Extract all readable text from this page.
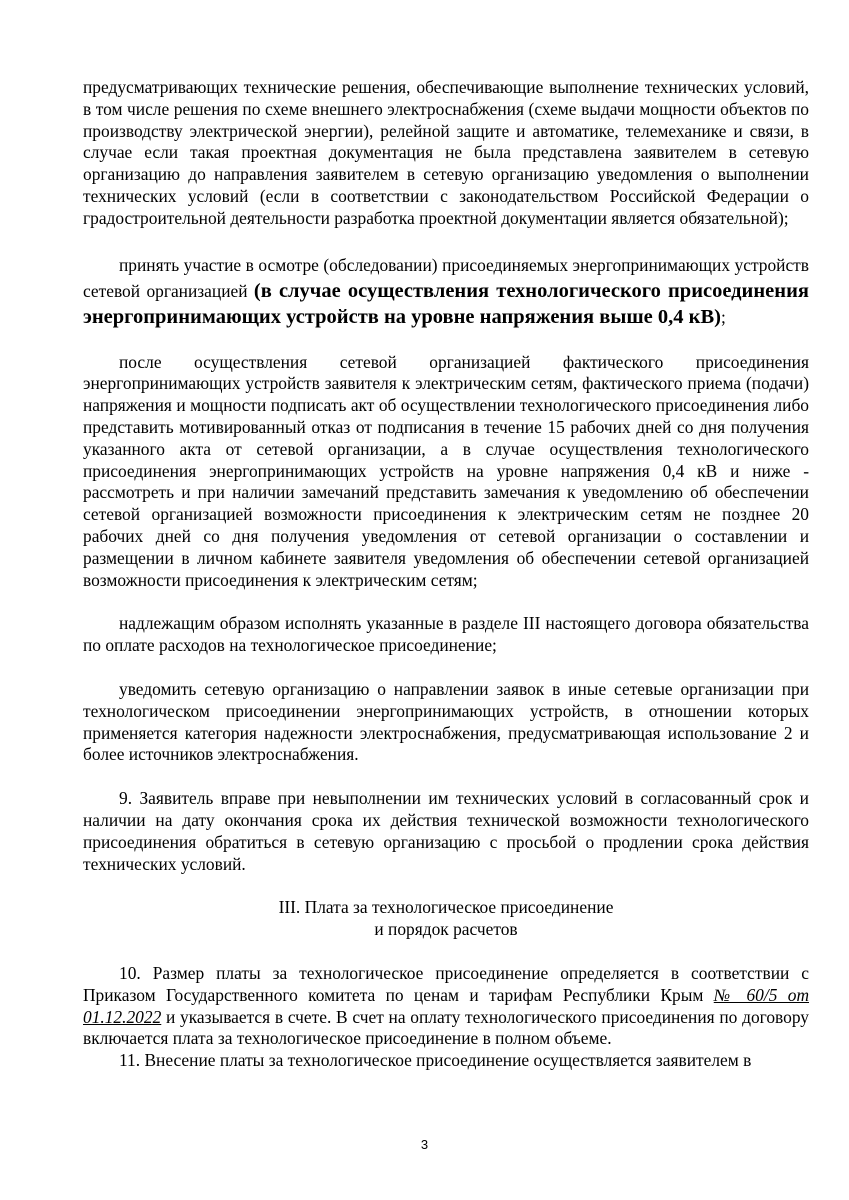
предусматривающих технические решения, обеспечивающие выполнение технических условий, в том числе решения по схеме внешнего электроснабжения (схеме выдачи мощности объектов по производству электрической энергии), релейной защите и автоматике, телемеханике и связи, в случае если такая проектная документация не была представлена заявителем в сетевую организацию до направления заявителем в сетевую организацию уведомления о выполнении технических условий (если в соответствии с законодательством Российской Федерации о градостроительной деятельности разработка проектной документации является обязательной);

принять участие в осмотре (обследовании) присоединяемых энергопринимающих устройств сетевой организацией (в случае осуществления технологического присоединения энергопринимающих устройств на уровне напряжения выше 0,4 кВ);

после осуществления сетевой организацией фактического присоединения энергопринимающих устройств заявителя к электрическим сетям, фактического приема (подачи) напряжения и мощности подписать акт об осуществлении технологического присоединения либо представить мотивированный отказ от подписания в течение 15 рабочих дней со дня получения указанного акта от сетевой организации, а в случае осуществления технологического присоединения энергопринимающих устройств на уровне напряжения 0,4 кВ и ниже - рассмотреть и при наличии замечаний представить замечания к уведомлению об обеспечении сетевой организацией возможности присоединения к электрическим сетям не позднее 20 рабочих дней со дня получения уведомления от сетевой организации о составлении и размещении в личном кабинете заявителя уведомления об обеспечении сетевой организацией возможности присоединения к электрическим сетям;

надлежащим образом исполнять указанные в разделе III настоящего договора обязательства по оплате расходов на технологическое присоединение;

уведомить сетевую организацию о направлении заявок в иные сетевые организации при технологическом присоединении энергопринимающих устройств, в отношении которых применяется категория надежности электроснабжения, предусматривающая использование 2 и более источников электроснабжения.

9. Заявитель вправе при невыполнении им технических условий в согласованный срок и наличии на дату окончания срока их действия технической возможности технологического присоединения обратиться в сетевую организацию с просьбой о продлении срока действия технических условий.

III. Плата за технологическое присоединение

и порядок расчетов

10. Размер платы за технологическое присоединение определяется в соответствии с Приказом Государственного комитета по ценам и тарифам Республики Крым № 60/5 от 01.12.2022 и указывается в счете. В счет на оплату технологического присоединения по договору включается плата за технологическое присоединение в полном объеме.

11. Внесение платы за технологическое присоединение осуществляется заявителем в

3
